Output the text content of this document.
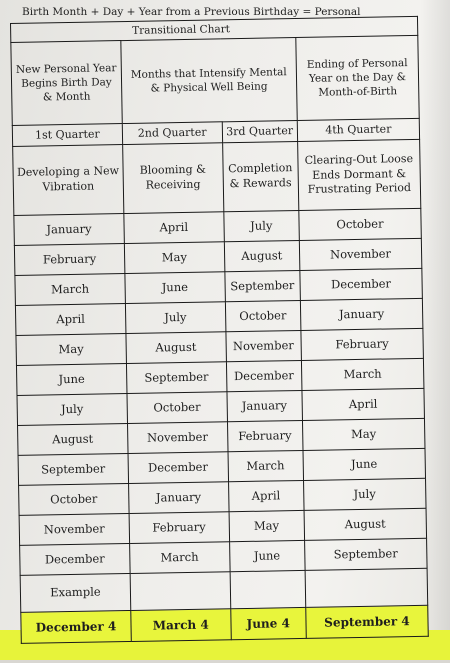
Birth Month + Day + Year from a Previous Birthday = Personal
		Transitional Chart	
New Personal Year Begins Birth Day & Month	Months that Intensify Mental & Physical Well Being		Ending of Personal Year on the Day & Month-of-Birth
1st Quarter	2nd Quarter	3rd Quarter	4th Quarter
Developing a New Vibration	Blooming & Receiving	Completion & Rewards	Clearing-Out Loose Ends Dormant & Frustrating Period
January	April	July	October
February	May	August	November
March	June	September	December
April	July	October	January
May	August	November	February
June	September	December	March
July	October	January	April
August	November	February	May
September	December	March	June
October	January	April	July
November	February	May	August
December	March	June	September
Example			
December 4	March 4	June 4	September 4
